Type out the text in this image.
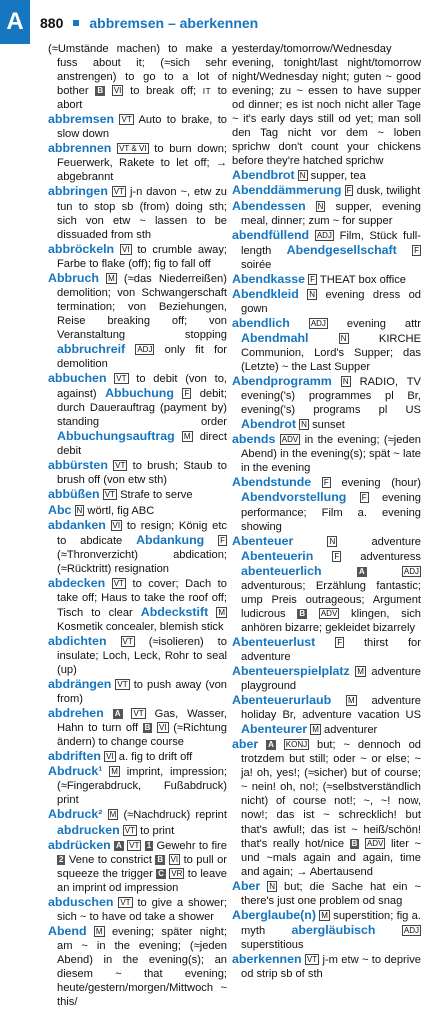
A 880 abbremsen – aberkennen

(≈Umstände machen) to make a fuss about it; (≈sich sehr anstrengen) to go to a lot of bother B VI to break off; IT to abort

abbremsen VT Auto to brake, to slow down

abbrennen VT & VI to burn down; Feuerwerk, Rakete to let off; → abgebrannt

abbringen VT j-n davon ~, etw zu tun to stop sb (from) doing sth; sich von etw ~ lassen to be dissuaded from sth

abbröckeln VI to crumble away; Farbe to flake (off); fig to fall off

Abbruch M (≈das Niederreißen) demolition; von Schwangerschaft termination; von Beziehungen, Reise breaking off; von Veranstaltung stopping abbruchreif ADJ only fit for demolition

abbuchen VT to debit (von to, against) Abbuchung F debit; durch Dauerauftrag (payment by) standing order Abbuchungsauftrag M direct debit

abbürsten VT to brush; Staub to brush off (von etw sth)

abbüßen VT Strafe to serve

Abc N wörtl, fig ABC

abdanken VI to resign; König etc to abdicate Abdankung F (≈Thronverzicht) abdication; (≈Rücktritt) resignation

abdecken VT to cover; Dach to take off; Haus to take the roof off; Tisch to clear Abdeckstift M Kosmetik concealer, blemish stick

abdichten VT (≈isolieren) to insulate; Loch, Leck, Rohr to seal (up)

abdrängen VT to push away (von from)

abdrehen A VT Gas, Wasser, Hahn to turn off B VI (≈Richtung ändern) to change course

abdriften VI a. fig to drift off

Abdruck¹ M imprint, impression; (≈Fingerabdruck, Fußabdruck) print

Abdruck² M (≈Nachdruck) reprint abdrucken VT to print

abdrücken A VT 1 Gewehr to fire 2 Vene to constrict B VI to pull or squeeze the trigger C VR to leave an imprint od impression

abduschen VT to give a shower; sich ~ to have od take a shower

Abend M evening; später night; am ~ in the evening; (≈jeden Abend) in the evening(s); an diesem ~ that evening; heute/gestern/morgen/Mittwoch ~ this/

yesterday/tomorrow/Wednesday evening, tonight/last night/tomorrow night/Wednesday night; guten ~ good evening; zu ~ essen to have supper od dinner; es ist noch nicht aller Tage ~ it's early days still od yet; man soll den Tag nicht vor dem ~ loben sprichw don't count your chickens before they're hatched sprichw

Abendbrot N supper, tea

Abenddämmerung F dusk, twilight

Abendessen N supper, evening meal, dinner; zum ~ for supper

abendfüllend ADJ Film, Stück full-length Abendgesellschaft F soirée

Abendkasse F THEAT box office

Abendkleid N evening dress od gown

abendlich	ADJ evening attr Abendmahl	N	KIRCHE Communion, Lord's Supper; das (Letzte) ~ the Last Supper

Abendprogramm N RADIO, TV evening('s) programmes pl Br, evening('s) programs pl US Abendrot N sunset

abends ADV in the evening; (≈jeden Abend) in the evening(s); spät ~ late in the evening

Abendstunde F evening (hour) Abendvorstellung F evening performance; Film a. evening showing

Abenteuer	N	adventure Abenteuerin	F adventuress abenteuerlich	A	ADJ adventurous; Erzählung fantastic; ump Preis outrageous; Argument ludicrous B ADV klingen, sich anhören bizarre; gekleidet bizarrely

Abenteuerlust	F thirst for adventure

Abenteuerspielplatz M adventure playground

Abenteuerurlaub M adventure holiday Br, adventure vacation US Abenteurer M adventurer

aber A KONJ but; ~ dennoch od trotzdem but still; oder ~ or else; ~ ja! oh, yes!; (≈sicher) but of course; ~ nein! oh, no!; (≈selbstverständlich nicht) of course not!; ~, ~! now, now!; das ist ~ schrecklich! but that's awful!; das ist ~ heiß/schön! that's really hot/nice B ADV liter ~ und ~mals again and again, time and again; → Abertausend

Aber N but; die Sache hat ein ~ there's just one problem od snag

Aberglaube(n) M superstition; fig a. myth abergläubisch	ADJ superstitious

aberkennen VT j-m etw ~ to deprive od strip sb of sth
